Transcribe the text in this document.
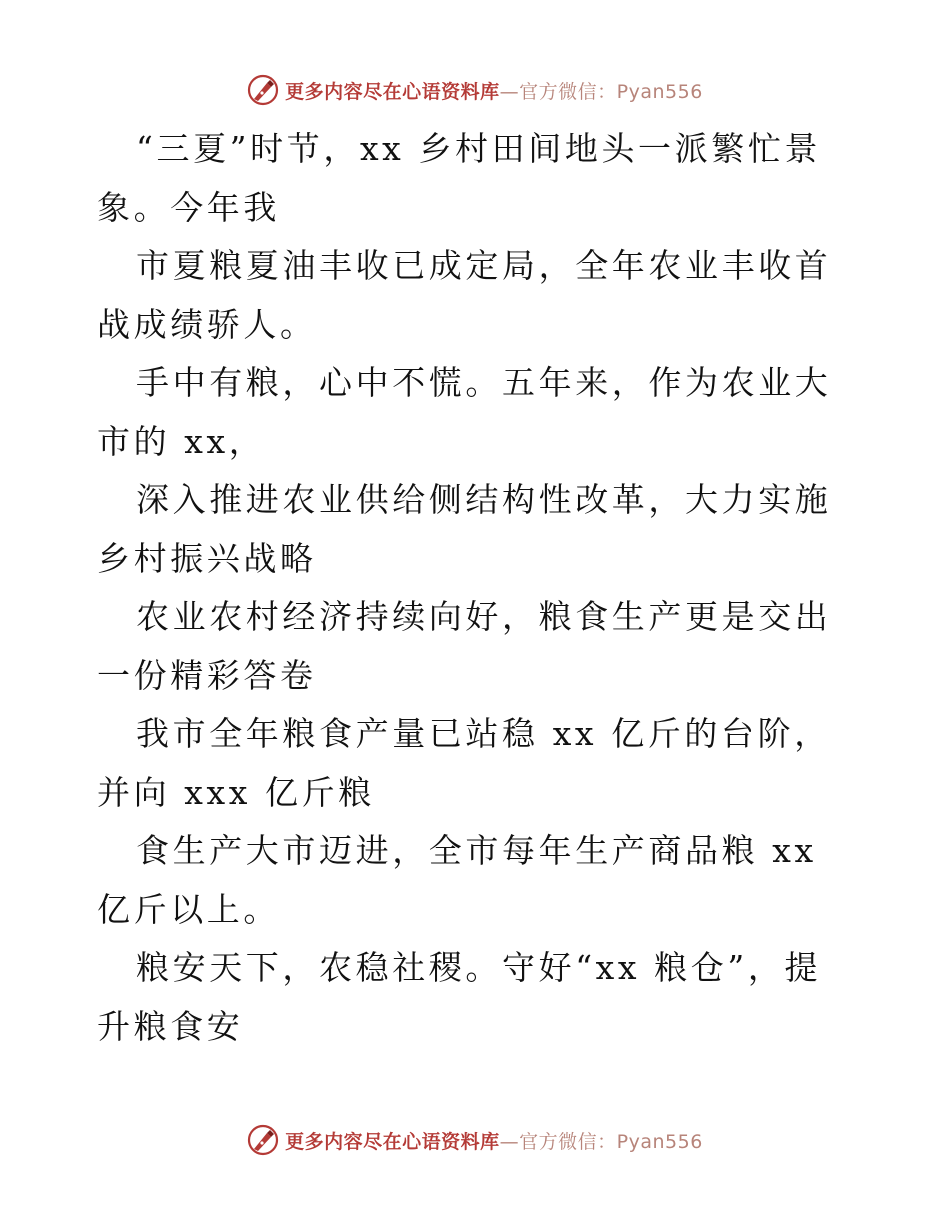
更多内容尽在心语资料库—官方微信：Pyan556

“三夏”时节，xx 乡村田间地头一派繁忙景象。今年我

市夏粮夏油丰收已成定局，全年农业丰收首战成绩骄人。

手中有粮，心中不慌。五年来，作为农业大市的 xx，

深入推进农业供给侧结构性改革，大力实施乡村振兴战略

农业农村经济持续向好，粮食生产更是交出一份精彩答卷

我市全年粮食产量已站稳 xx 亿斤的台阶，并向 xxx 亿斤粮

食生产大市迈进，全市每年生产商品粮 xx 亿斤以上。

粮安天下，农稳社稷。守好“xx 粮仓”，提升粮食安

更多内容尽在心语资料库—官方微信：Pyan556
